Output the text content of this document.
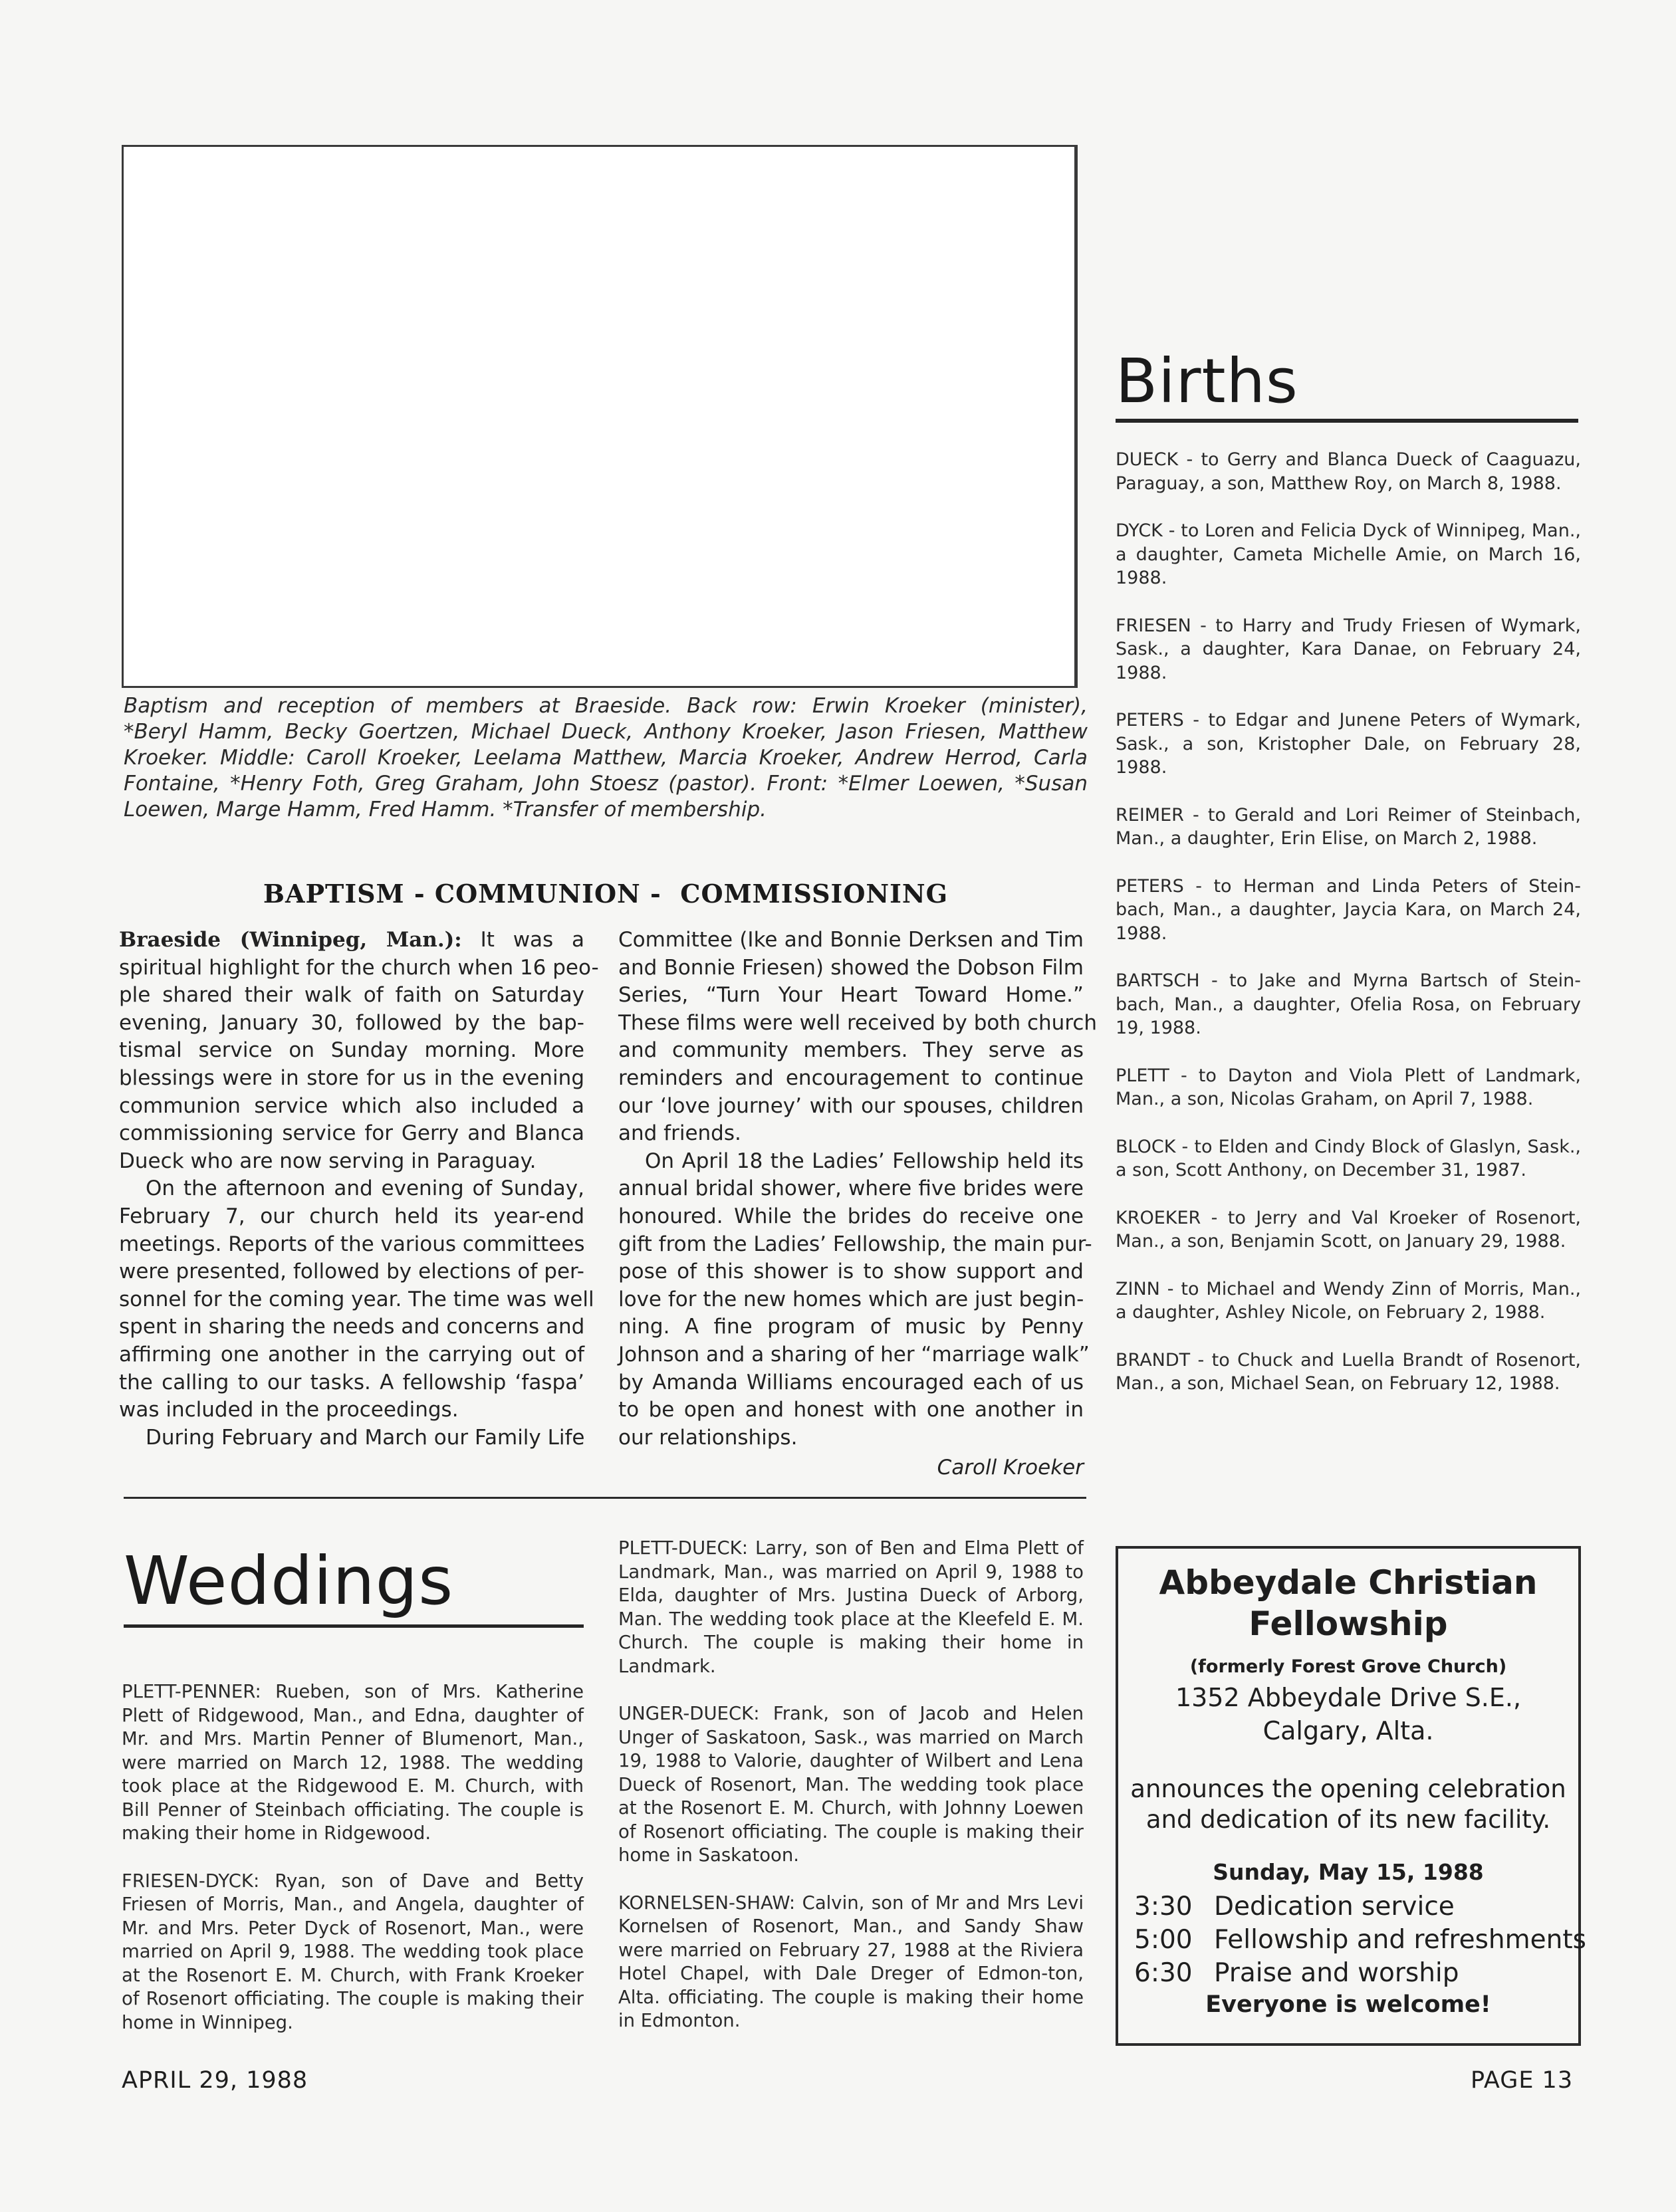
Baptism and reception of members at Braeside. Back row: Erwin Kroeker (minister),
*Beryl Hamm, Becky Goertzen, Michael Dueck, Anthony Kroeker, Jason Friesen, Matthew
Kroeker. Middle: Caroll Kroeker, Leelama Matthew, Marcia Kroeker, Andrew Herrod, Carla
Fontaine, *Henry Foth, Greg Graham, John Stoesz (pastor). Front: *Elmer Loewen, *Susan
Loewen, Marge Hamm, Fred Hamm. *Transfer of membership.
BAPTISM - COMMUNION -  COMMISSIONING
Braeside (Winnipeg, Man.): It was a
spiritual highlight for the church when 16 peo-
ple shared their walk of faith on Saturday
evening, January 30, followed by the bap-
tismal service on Sunday morning. More
blessings were in store for us in the evening
communion service which also included a
commissioning service for Gerry and Blanca
Dueck who are now serving in Paraguay.
On the afternoon and evening of Sunday,
February 7, our church held its year-end
meetings. Reports of the various committees
were presented, followed by elections of per-
sonnel for the coming year. The time was well
spent in sharing the needs and concerns and
affirming one another in the carrying out of
the calling to our tasks. A fellowship ‘faspa’
was included in the proceedings.
During February and March our Family Life
Committee (Ike and Bonnie Derksen and Tim
and Bonnie Friesen) showed the Dobson Film
Series, “Turn Your Heart Toward Home.”
These films were well received by both church
and community members. They serve as
reminders and encouragement to continue
our ‘love journey’ with our spouses, children
and friends.
On April 18 the Ladies’ Fellowship held its
annual bridal shower, where five brides were
honoured. While the brides do receive one
gift from the Ladies’ Fellowship, the main pur-
pose of this shower is to show support and
love for the new homes which are just begin-
ning. A fine program of music by Penny
Johnson and a sharing of her “marriage walk”
by Amanda Williams encouraged each of us
to be open and honest with one another in
our relationships.
Caroll Kroeker
Births

DUECK - to Gerry and Blanca Dueck of Caaguazu, Paraguay, a son, Matthew Roy, on March 8, 1988.

DYCK - to Loren and Felicia Dyck of Winnipeg, Man., a daughter, Cameta Michelle Amie, on March 16, 1988.

FRIESEN - to Harry and Trudy Friesen of Wymark, Sask., a daughter, Kara Danae, on February 24, 1988.

PETERS - to Edgar and Junene Peters of Wymark, Sask., a son, Kristopher Dale, on February 28, 1988.

REIMER - to Gerald and Lori Reimer of Steinbach, Man., a daughter, Erin Elise, on March 2, 1988.

PETERS - to Herman and Linda Peters of Stein-bach, Man., a daughter, Jaycia Kara, on March 24, 1988.

BARTSCH - to Jake and Myrna Bartsch of Stein-bach, Man., a daughter, Ofelia Rosa, on February 19, 1988.

PLETT - to Dayton and Viola Plett of Landmark, Man., a son, Nicolas Graham, on April 7, 1988.

BLOCK - to Elden and Cindy Block of Glaslyn, Sask., a son, Scott Anthony, on December 31, 1987.

KROEKER - to Jerry and Val Kroeker of Rosenort, Man., a son, Benjamin Scott, on January 29, 1988.

ZINN - to Michael and Wendy Zinn of Morris, Man., a daughter, Ashley Nicole, on February 2, 1988.

BRANDT - to Chuck and Luella Brandt of Rosenort, Man., a son, Michael Sean, on February 12, 1988.

Weddings

PLETT-PENNER: Rueben, son of Mrs. Katherine Plett of Ridgewood, Man., and Edna, daughter of Mr. and Mrs. Martin Penner of Blumenort, Man., were married on March 12, 1988. The wedding took place at the Ridgewood E. M. Church, with Bill Penner of Steinbach officiating. The couple is making their home in Ridgewood.

FRIESEN-DYCK: Ryan, son of Dave and Betty Friesen of Morris, Man., and Angela, daughter of Mr. and Mrs. Peter Dyck of Rosenort, Man., were married on April 9, 1988. The wedding took place at the Rosenort E. M. Church, with Frank Kroeker of Rosenort officiating. The couple is making their home in Winnipeg.

PLETT-DUECK: Larry, son of Ben and Elma Plett of Landmark, Man., was married on April 9, 1988 to Elda, daughter of Mrs. Justina Dueck of Arborg, Man. The wedding took place at the Kleefeld E. M. Church. The couple is making their home in Landmark.

UNGER-DUECK: Frank, son of Jacob and Helen Unger of Saskatoon, Sask., was married on March 19, 1988 to Valorie, daughter of Wilbert and Lena Dueck of Rosenort, Man. The wedding took place at the Rosenort E. M. Church, with Johnny Loewen of Rosenort officiating. The couple is making their home in Saskatoon.

KORNELSEN-SHAW: Calvin, son of Mr and Mrs Levi Kornelsen of Rosenort, Man., and Sandy Shaw were married on February 27, 1988 at the Riviera Hotel Chapel, with Dale Dreger of Edmon-ton, Alta. officiating. The couple is making their home in Edmonton.

Abbeydale Christian
Fellowship
(formerly Forest Grove Church)
1352 Abbeydale Drive S.E.,
Calgary, Alta.
announces the opening celebration
and dedication of its new facility.
Sunday, May 15, 1988
3:30 Dedication service
5:00 Fellowship and refreshments
6:30 Praise and worship
Everyone is welcome!
APRIL 29, 1988	PAGE 13
